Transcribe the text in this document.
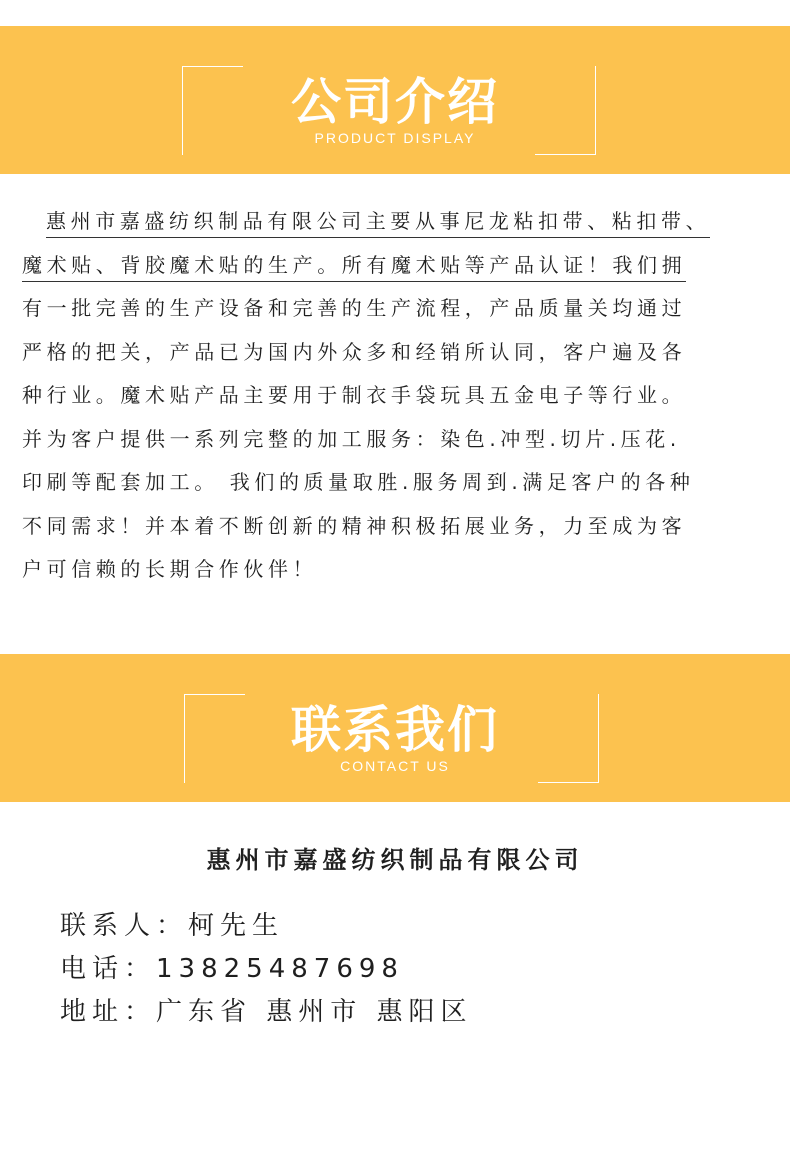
公司介绍
PRODUCT DISPLAY
惠州市嘉盛纺织制品有限公司主要从事尼龙粘扣带、粘扣带、
魔术贴、背胶魔术贴的生产。所有魔术贴等产品认证！我们拥
有一批完善的生产设备和完善的生产流程，产品质量关均通过
严格的把关，产品已为国内外众多和经销所认同，客户遍及各
种行业。魔术贴产品主要用于制衣手袋玩具五金电子等行业。
并为客户提供一系列完整的加工服务：染色.冲型.切片.压花.
印刷等配套加工。 我们的质量取胜.服务周到.满足客户的各种
不同需求！并本着不断创新的精神积极拓展业务，力至成为客
户可信赖的长期合作伙伴！
联系我们
CONTACT US
惠州市嘉盛纺织制品有限公司
联系人：柯先生
电话：13825487698
地址：广东省 惠州市 惠阳区
